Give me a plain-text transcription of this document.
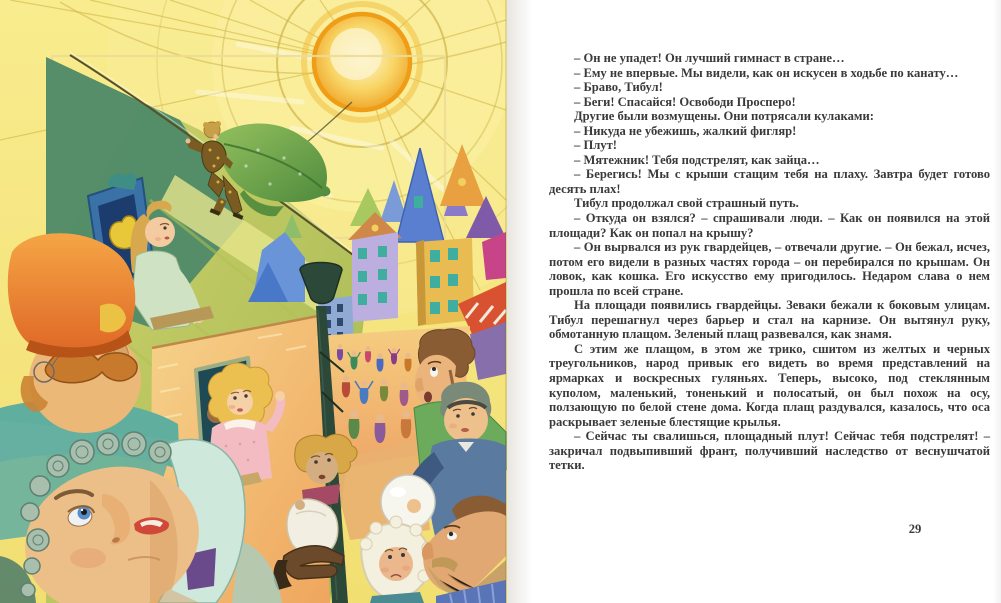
– Он не упадет! Он лучший гимнаст в стране…

– Ему не впервые. Мы видели, как он искусен в ходьбе по канату…

– Браво, Тибул!

– Беги! Спасайся! Освободи Просперо!

Другие были возмущены. Они потрясали кулаками:

– Никуда не убежишь, жалкий фигляр!

– Плут!

– Мятежник! Тебя подстрелят, как зайца…

– Берегись! Мы с крыши стащим тебя на плаху. Завтра будет готово десять плах!

Тибул продолжал свой страшный путь.

– Откуда он взялся? – спрашивали люди. – Как он появился на этой площади? Как он попал на крышу?

– Он вырвался из рук гвардейцев, – отвечали другие. – Он бежал, исчез, потом его видели в разных частях города – он перебирался по крышам. Он ловок, как кошка. Его искусство ему пригодилось. Недаром слава о нем прошла по всей стране.

На площади появились гвардейцы. Зеваки бежали к боковым улицам. Тибул перешагнул через барьер и стал на карнизе. Он вытянул руку, обмотанную плащом. Зеленый плащ развевался, как знамя.

С этим же плащом, в этом же трико, сшитом из желтых и черных треугольников, народ привык его видеть во время представлений на ярмарках и воскресных гуляньях. Теперь, высоко, под стеклянным куполом, маленький, тоненький и полосатый, он был похож на осу, ползающую по белой стене дома. Когда плащ раздувался, казалось, что оса раскрывает зеленые блестящие крылья.

– Сейчас ты свалишься, площадный плут! Сейчас тебя подстрелят! – закричал подвыпивший франт, получивший наследство от веснушчатой тетки.

29
